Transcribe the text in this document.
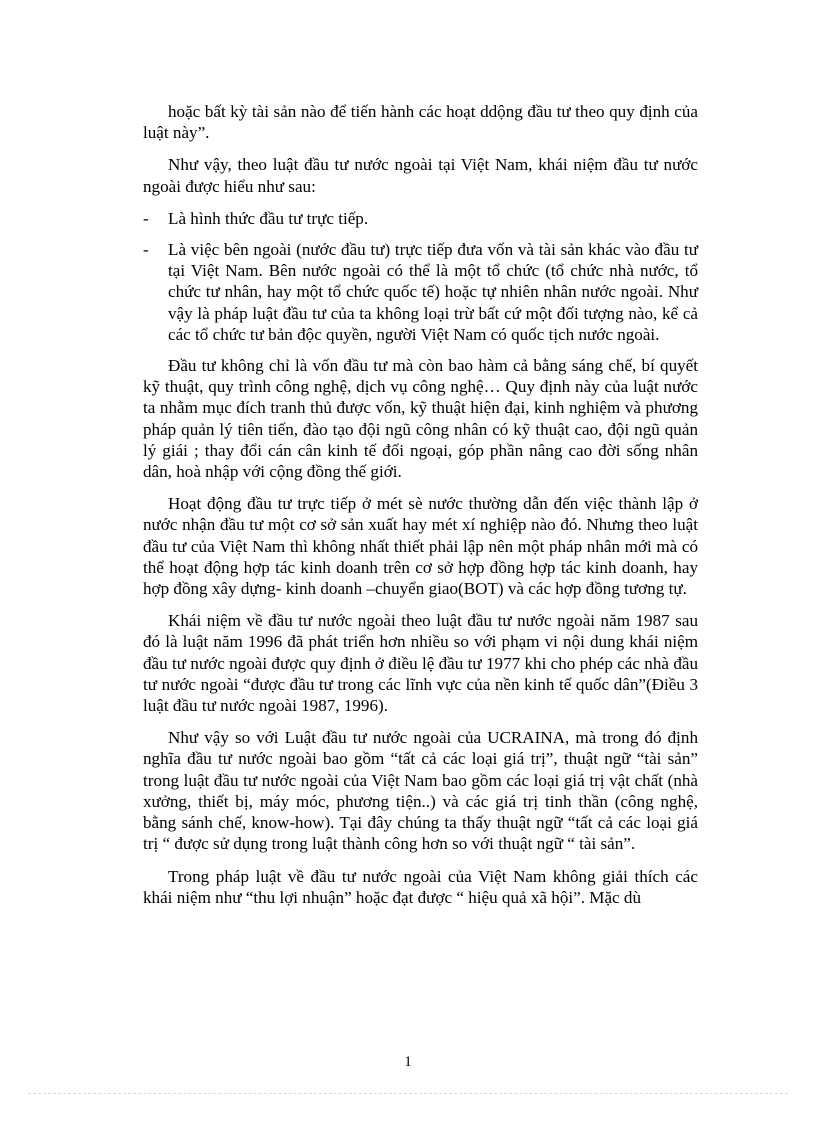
hoặc bất kỳ tài sản nào để tiến hành các hoạt ddộng đầu tư theo quy định của luật này”.

Như vậy, theo luật đầu tư nước ngoài tại Việt Nam, khái niệm đầu tư nước ngoài được hiểu như sau:

- Là hình thức đầu tư trực tiếp.
- Là việc bên ngoài (nước đầu tư) trực tiếp đưa vốn và tài sản khác vào đầu tư tại Việt Nam. Bên nước ngoài có thể là một tổ chức (tổ chức nhà nước, tổ chức tư nhân, hay một tổ chức quốc tế) hoặc tự nhiên nhân nước ngoài. Như vậy là pháp luật đầu tư của ta không loại trừ bất cứ một đối tượng nào, kể cả các tổ chức tư bản độc quyền, người Việt Nam có quốc tịch nước ngoài.

Đầu tư không chỉ là vốn đầu tư mà còn bao hàm cả bằng sáng chế, bí quyết kỹ thuật, quy trình công nghệ, dịch vụ công nghệ… Quy định này của luật nước ta nhằm mục đích tranh thủ được vốn, kỹ thuật hiện đại, kinh nghiệm và phương pháp quản lý tiên tiến, đào tạo đội ngũ công nhân có kỹ thuật cao, đội ngũ quản lý giái ; thay đổi cán cân kinh tế đối ngoại, góp phần nâng cao đời sống nhân dân, hoà nhập với cộng đồng thế giới.

Hoạt động đầu tư trực tiếp ở mét sè nước thường dẫn đến việc thành lập ở nước nhận đầu tư một cơ sở sản xuất hay mét xí nghiệp nào đó. Nhưng theo luật đầu tư của Việt Nam thì không nhất thiết phải lập nên một pháp nhân mới mà có thể hoạt động hợp tác kinh doanh trên cơ sở hợp đồng hợp tác kinh doanh, hay hợp đồng xây dựng- kinh doanh –chuyển giao(BOT) và các hợp đồng tương tự.

Khái niệm về đầu tư nước ngoài theo luật đầu tư nước ngoài năm 1987 sau đó là luật năm 1996 đã phát triển hơn nhiều so với phạm vi nội dung khái niệm đầu tư nước ngoài được quy định ở điều lệ đầu tư 1977 khi cho phép các nhà đầu tư nước ngoài “được đầu tư trong các lĩnh vực của nền kinh tế quốc dân”(Điều 3 luật đầu tư nước ngoài 1987, 1996).

Như vậy so với Luật đầu tư nước ngoài của UCRAINA, mà trong đó định nghĩa đầu tư nước ngoài bao gồm “tất cả các loại giá trị”, thuật ngữ “tài sản” trong luật đầu tư nước ngoài của Việt Nam bao gồm các loại giá trị vật chất (nhà xưởng, thiết bị, máy móc, phương tiện..) và các giá trị tinh thần (công nghệ, bằng sánh chế, know-how). Tại đây chúng ta thấy thuật ngữ “tất cả các loại giá trị “ được sử dụng trong luật thành công hơn so với thuật ngữ “ tài sản”.

Trong pháp luật về đầu tư nước ngoài của Việt Nam không giải thích các khái niệm như “thu lợi nhuận” hoặc đạt được “ hiệu quả xã hội”. Mặc dù

1
